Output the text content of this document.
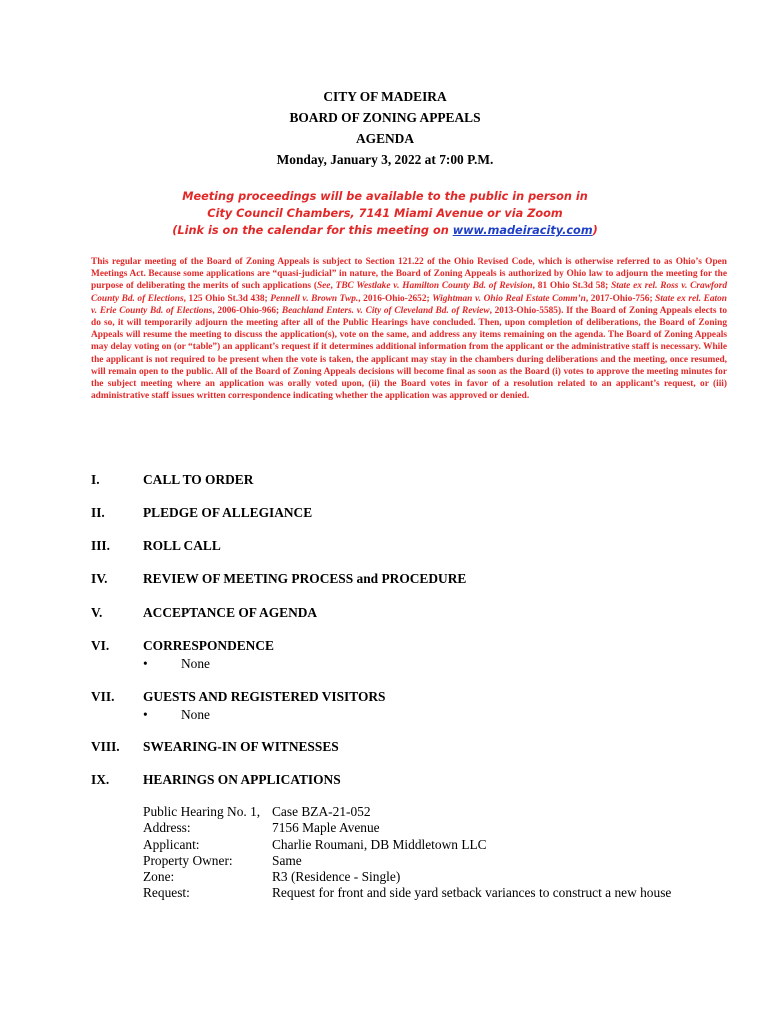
CITY OF MADEIRA
BOARD OF ZONING APPEALS
AGENDA
Monday, January 3, 2022 at 7:00 P.M.
Meeting proceedings will be available to the public in person in
City Council Chambers, 7141 Miami Avenue or via Zoom
(Link is on the calendar for this meeting on www.madeiracity.com)
This regular meeting of the Board of Zoning Appeals is subject to Section 121.22 of the Ohio Revised Code, which is otherwise referred to as Ohio’s Open Meetings Act. Because some applications are “quasi-judicial” in nature, the Board of Zoning Appeals is authorized by Ohio law to adjourn the meeting for the purpose of deliberating the merits of such applications (See, TBC Westlake v. Hamilton County Bd. of Revision, 81 Ohio St.3d 58; State ex rel. Ross v. Crawford County Bd. of Elections, 125 Ohio St.3d 438; Pennell v. Brown Twp., 2016-Ohio-2652; Wightman v. Ohio Real Estate Comm’n, 2017-Ohio-756; State ex rel. Eaton v. Erie County Bd. of Elections, 2006-Ohio-966; Beachland Enters. v. City of Cleveland Bd. of Review, 2013-Ohio-5585). If the Board of Zoning Appeals elects to do so, it will temporarily adjourn the meeting after all of the Public Hearings have concluded. Then, upon completion of deliberations, the Board of Zoning Appeals will resume the meeting to discuss the application(s), vote on the same, and address any items remaining on the agenda. The Board of Zoning Appeals may delay voting on (or “table”) an applicant’s request if it determines additional information from the applicant or the administrative staff is necessary. While the applicant is not required to be present when the vote is taken, the applicant may stay in the chambers during deliberations and the meeting, once resumed, will remain open to the public. All of the Board of Zoning Appeals decisions will become final as soon as the Board (i) votes to approve the meeting minutes for the subject meeting where an application was orally voted upon, (ii) the Board votes in favor of a resolution related to an applicant’s request, or (iii) administrative staff issues written correspondence indicating whether the application was approved or denied.
I.	CALL TO ORDER
II.	PLEDGE OF ALLEGIANCE
III. ROLL CALL
IV.	REVIEW OF MEETING PROCESS and PROCEDURE
V.	ACCEPTANCE OF AGENDA
VI.	CORRESPONDENCE
• None
VII. GUESTS AND REGISTERED VISITORS
• None
VIII. SWEARING-IN OF WITNESSES
IX.	HEARINGS ON APPLICATIONS
Public Hearing No. 1, Case BZA-21-052
Address:	7156 Maple Avenue
Applicant:	Charlie Roumani, DB Middletown LLC
Property Owner:	Same
Zone:	R3 (Residence - Single)
Request:	Request for front and side yard setback variances to construct a new house
